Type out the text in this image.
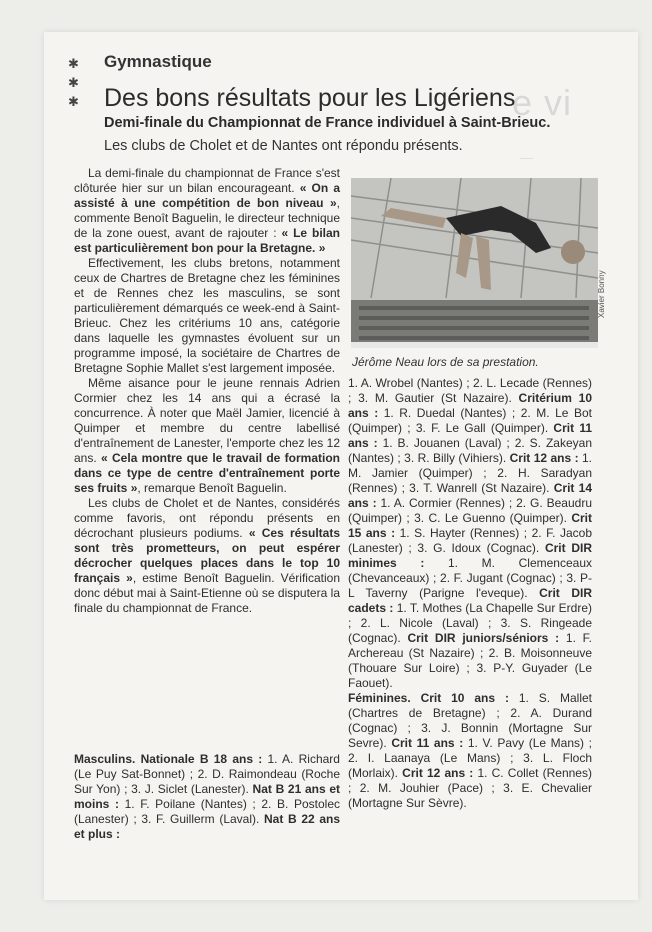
e vi
—
✱
✱
✱
Gymnastique
Des bons résultats pour les Ligériens
Demi-finale du Championnat de France individuel à Saint-Brieuc.
Les clubs de Cholet et de Nantes ont répondu présents.
Xavier Bonny
Jérôme Neau lors de sa prestation.

La demi-finale du championnat de France s'est clôturée hier sur un bilan encourageant. « On a assisté à une compétition de bon niveau », commente Benoît Baguelin, le directeur technique de la zone ouest, avant de rajouter : « Le bilan est particulièrement bon pour la Bretagne. »

Effectivement, les clubs bretons, notamment ceux de Chartres de Bretagne chez les féminines et de Rennes chez les masculins, se sont particulièrement démarqués ce week-end à Saint-Brieuc. Chez les critériums 10 ans, catégorie dans laquelle les gymnastes évoluent sur un programme imposé, la sociétaire de Chartres de Bretagne Sophie Mallet s'est largement imposée.

Même aisance pour le jeune rennais Adrien Cormier chez les 14 ans qui a écrasé la concurrence. À noter que Maël Jamier, licencié à Quimper et membre du centre labellisé d'entraînement de Lanester, l'emporte chez les 12 ans. « Cela montre que le travail de formation dans ce type de centre d'entraînement porte ses fruits », remarque Benoît Baguelin.

Les clubs de Cholet et de Nantes, considérés comme favoris, ont répondu présents en décrochant plusieurs podiums. « Ces résultats sont très prometteurs, on peut espérer décrocher quelques places dans le top 10 français », estime Benoît Baguelin. Vérification donc début mai à Saint-Etienne où se disputera la finale du championnat de France.

Masculins. Nationale B 18 ans : 1. A. Richard (Le Puy Sat-Bonnet) ; 2. D. Raimondeau (Roche Sur Yon) ; 3. J. Siclet (Lanester). Nat B 21 ans et moins : 1. F. Poilane (Nantes) ; 2. B. Postolec (Lanester) ; 3. F. Guillerm (Laval). Nat B 22 ans et plus :
1. A. Wrobel (Nantes) ; 2. L. Lecade (Rennes) ; 3. M. Gautier (St Nazaire). Critérium 10 ans : 1. R. Duedal (Nantes) ; 2. M. Le Bot (Quimper) ; 3. F. Le Gall (Quimper). Crit 11 ans : 1. B. Jouanen (Laval) ; 2. S. Zakeyan (Nantes) ; 3. R. Billy (Vihiers). Crit 12 ans : 1. M. Jamier (Quimper) ; 2. H. Saradyan (Rennes) ; 3. T. Wanrell (St Nazaire). Crit 14 ans : 1. A. Cormier (Rennes) ; 2. G. Beaudru (Quimper) ; 3. C. Le Guenno (Quimper). Crit 15 ans : 1. S. Hayter (Rennes) ; 2. F. Jacob (Lanester) ; 3. G. Idoux (Cognac). Crit DIR minimes : 1. M. Clemenceaux (Chevanceaux) ; 2. F. Jugant (Cognac) ; 3. P-L Taverny (Parigne l'eveque). Crit DIR cadets : 1. T. Mothes (La Chapelle Sur Erdre) ; 2. L. Nicole (Laval) ; 3. S. Ringeade (Cognac). Crit DIR juniors/séniors : 1. F. Archereau (St Nazaire) ; 2. B. Moisonneuve (Thouare Sur Loire) ; 3. P-Y. Guyader (Le Faouet).
Féminines. Crit 10 ans : 1. S. Mallet (Chartres de Bretagne) ; 2. A. Durand (Cognac) ; 3. J. Bonnin (Mortagne Sur Sevre). Crit 11 ans : 1. V. Pavy (Le Mans) ; 2. I. Laanaya (Le Mans) ; 3. L. Floch (Morlaix). Crit 12 ans : 1. C. Collet (Rennes) ; 2. M. Jouhier (Pace) ; 3. E. Chevalier (Mortagne Sur Sèvre).
